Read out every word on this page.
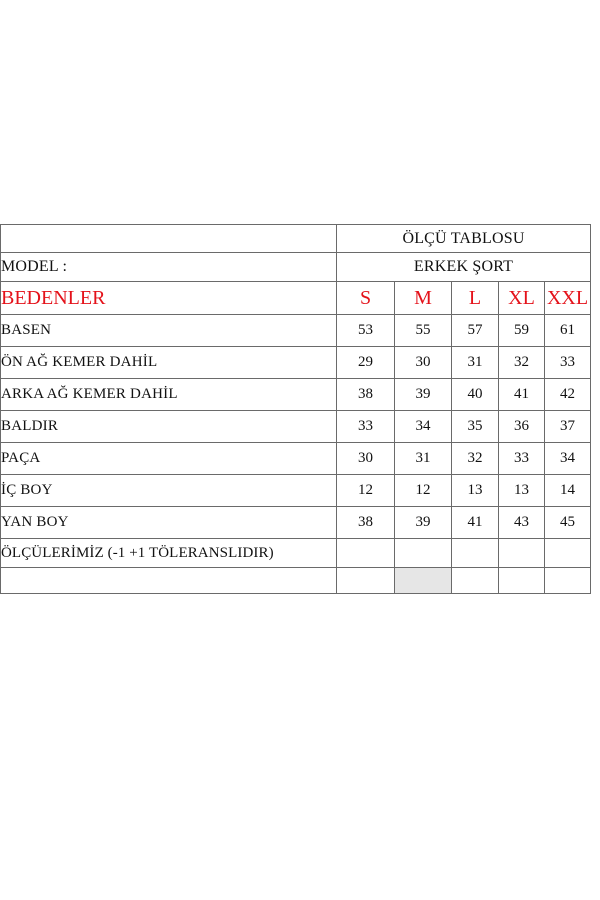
	ÖLÇÜ TABLOSU				
MODEL :	ERKEK ŞORT				
BEDENLER	S	M	L	XL	XXL
BASEN	53	55	57	59	61
ÖN AĞ KEMER DAHİL	29	30	31	32	33
ARKA AĞ KEMER DAHİL	38	39	40	41	42
BALDIR	33	34	35	36	37
PAÇA	30	31	32	33	34
İÇ BOY	12	12	13	13	14
YAN BOY	38	39	41	43	45
ÖLÇÜLERİMİZ (-1 +1 TÖLERANSLIDIR)					
